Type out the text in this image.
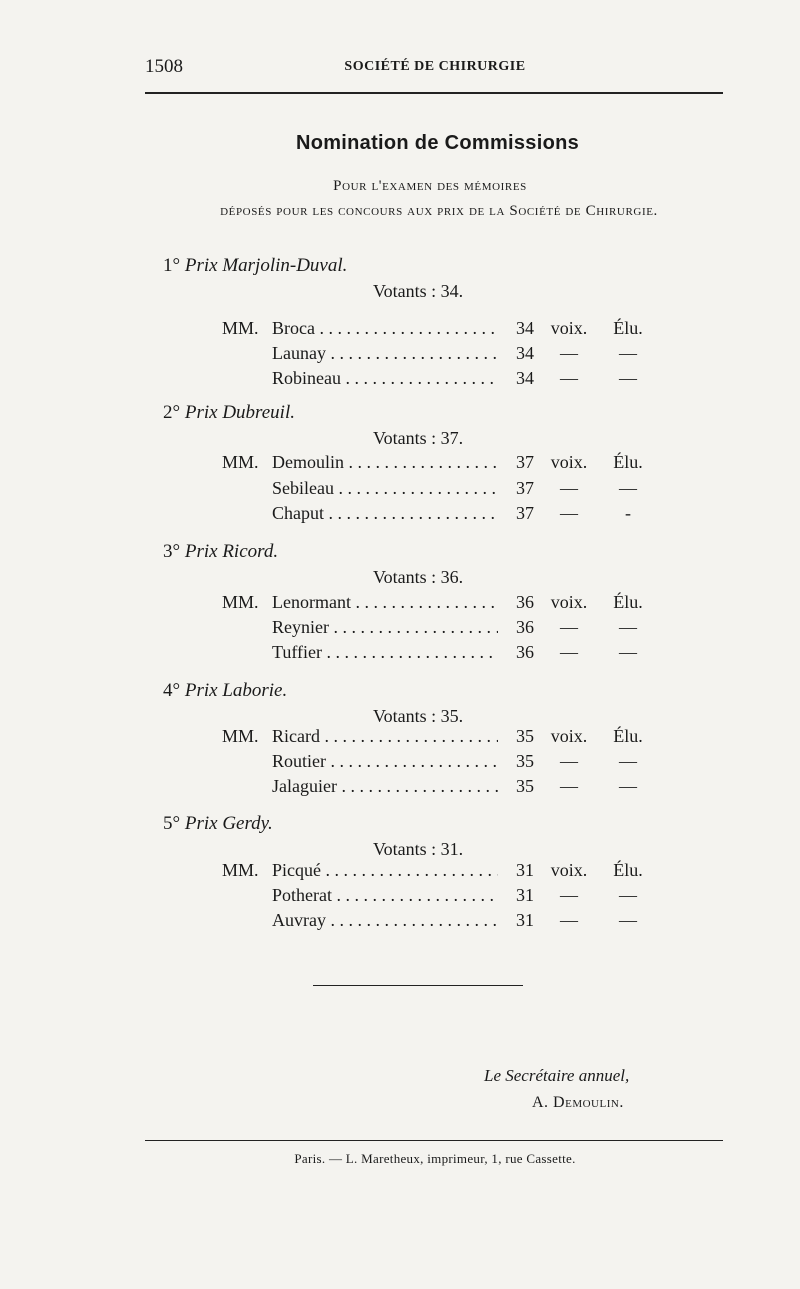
1508	SOCIÉTÉ DE CHIRURGIE
Nomination de Commissions
Pour l'examen des mémoires
déposés pour les concours aux prix de la Société de Chirurgie.
1° Prix Marjolin-Duval.
Votants : 34.
MM. Broca . . .	34 voix.	Élu.
Launay . . .	34	—	—
Robineau . . .	34	—	—
2° Prix Dubreuil.
Votants : 37.
MM. Demoulin . . .	37 voix.	Élu.
Sebileau . . .	37	—	—
Chaput . . .	37	—	-
3° Prix Ricord.
Votants : 36.
MM. Lenormant . . .	36 voix.	Élu.
Reynier . . .	36	—	—
Tuffier . . .	36	—	—
4° Prix Laborie.
Votants : 35.
MM. Ricard . . .	35 voix.	Élu.
Routier . . .	35	—	—
Jalaguier . . .	35	—	—
5° Prix Gerdy.
Votants : 31.
MM. Picqué . . .	31 voix.	Élu.
Potherat . . .	31	—	—
Auvray . . .	31	—	—
Le Secrétaire annuel,
A. Demoulin.
Paris. — L. Maretheux, imprimeur, 1, rue Cassette.
